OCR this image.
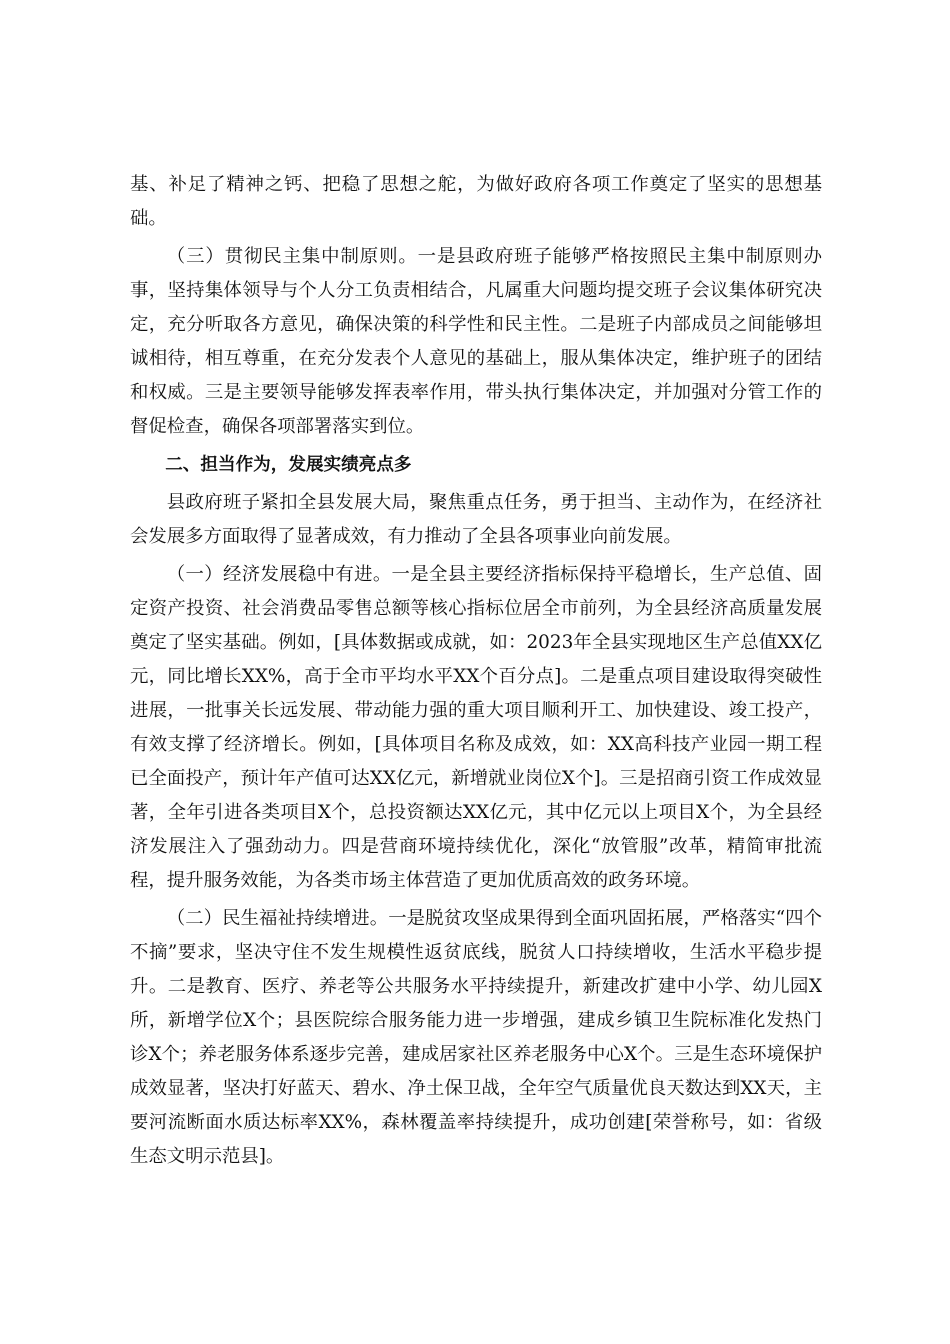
基、补足了精神之钙、把稳了思想之舵，为做好政府各项工作奠定了坚实的思想基础。

（三）贯彻民主集中制原则。一是县政府班子能够严格按照民主集中制原则办事，坚持集体领导与个人分工负责相结合，凡属重大问题均提交班子会议集体研究决定，充分听取各方意见，确保决策的科学性和民主性。二是班子内部成员之间能够坦诚相待，相互尊重，在充分发表个人意见的基础上，服从集体决定，维护班子的团结和权威。三是主要领导能够发挥表率作用，带头执行集体决定，并加强对分管工作的督促检查，确保各项部署落实到位。

二、担当作为，发展实绩亮点多

县政府班子紧扣全县发展大局，聚焦重点任务，勇于担当、主动作为，在经济社会发展多方面取得了显著成效，有力推动了全县各项事业向前发展。

（一）经济发展稳中有进。一是全县主要经济指标保持平稳增长，生产总值、固定资产投资、社会消费品零售总额等核心指标位居全市前列，为全县经济高质量发展奠定了坚实基础。例如，[具体数据或成就，如：2023年全县实现地区生产总值XX亿元，同比增长XX%，高于全市平均水平XX个百分点]。二是重点项目建设取得突破性进展，一批事关长远发展、带动能力强的重大项目顺利开工、加快建设、竣工投产，有效支撑了经济增长。例如，[具体项目名称及成效，如：XX高科技产业园一期工程已全面投产，预计年产值可达XX亿元，新增就业岗位X个]。三是招商引资工作成效显著，全年引进各类项目X个，总投资额达XX亿元，其中亿元以上项目X个，为全县经济发展注入了强劲动力。四是营商环境持续优化，深化“放管服”改革，精简审批流程，提升服务效能，为各类市场主体营造了更加优质高效的政务环境。

（二）民生福祉持续增进。一是脱贫攻坚成果得到全面巩固拓展，严格落实“四个不摘”要求，坚决守住不发生规模性返贫底线，脱贫人口持续增收，生活水平稳步提升。二是教育、医疗、养老等公共服务水平持续提升，新建改扩建中小学、幼儿园X所，新增学位X个；县医院综合服务能力进一步增强，建成乡镇卫生院标准化发热门诊X个；养老服务体系逐步完善，建成居家社区养老服务中心X个。三是生态环境保护成效显著，坚决打好蓝天、碧水、净土保卫战，全年空气质量优良天数达到XX天，主要河流断面水质达标率XX%，森林覆盖率持续提升，成功创建[荣誉称号，如：省级生态文明示范县]。
